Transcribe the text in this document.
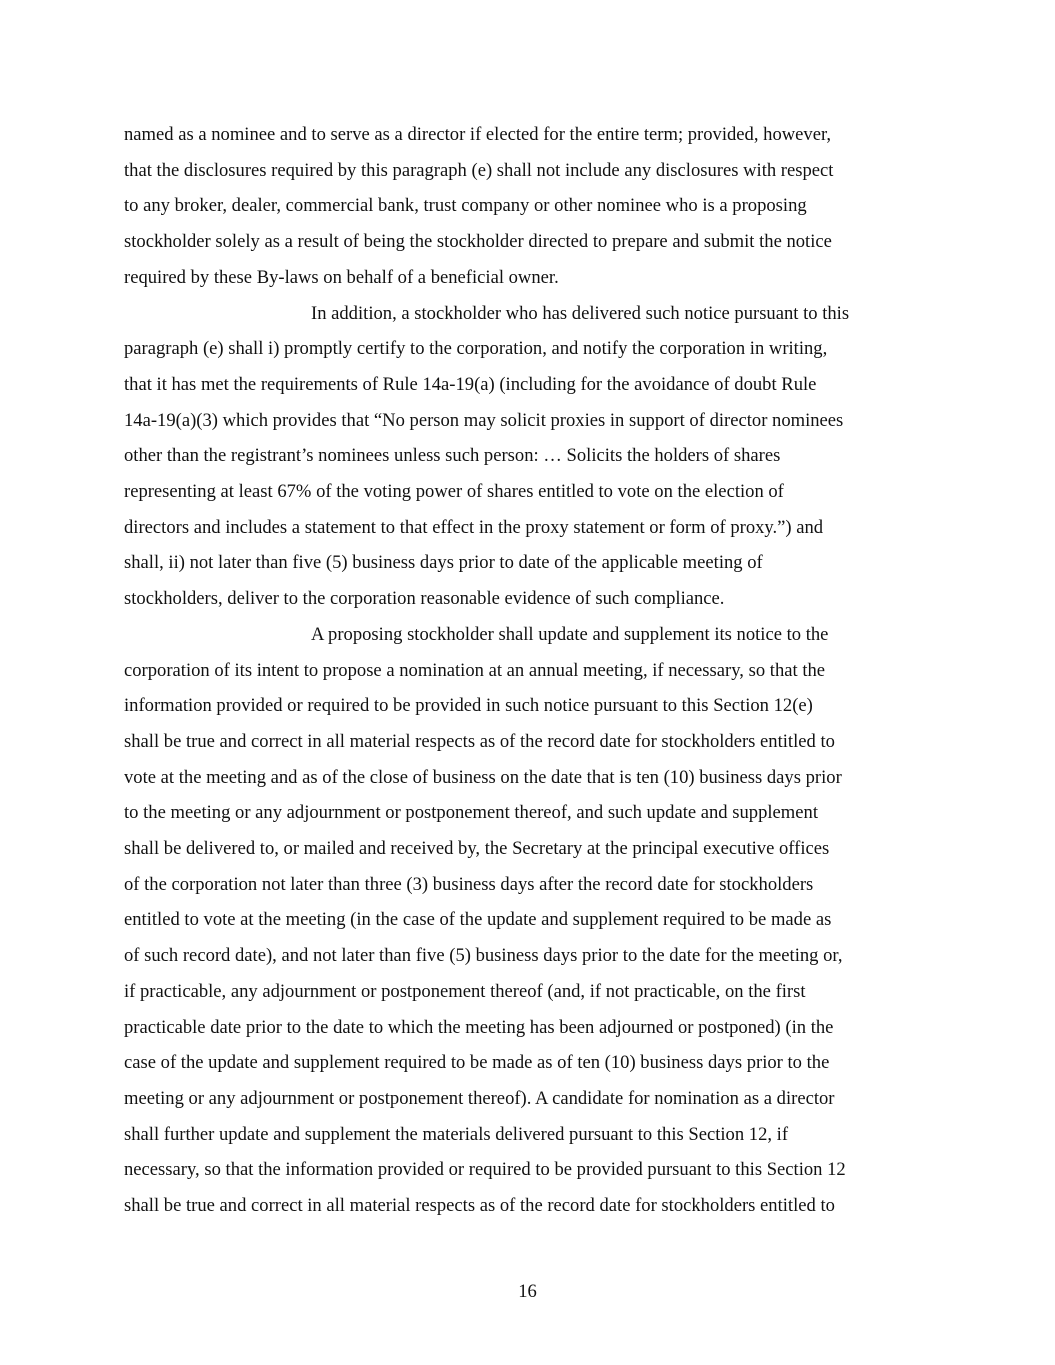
16
named as a nominee and to serve as a director if elected for the entire term; provided, however,
that the disclosures required by this paragraph (e) shall not include any disclosures with respect
to any broker, dealer, commercial bank, trust company or other nominee who is a proposing
stockholder solely as a result of being the stockholder directed to prepare and submit the notice
required by these By-laws on behalf of a beneficial owner.
In addition, a stockholder who has delivered such notice pursuant to this
paragraph (e) shall i) promptly certify to the corporation, and notify the corporation in writing,
that it has met the requirements of Rule 14a-19(a) (including for the avoidance of doubt Rule
14a-19(a)(3) which provides that “No person may solicit proxies in support of director nominees
other than the registrant’s nominees unless such person: … Solicits the holders of shares
representing at least 67% of the voting power of shares entitled to vote on the election of
directors and includes a statement to that effect in the proxy statement or form of proxy.”) and
shall, ii) not later than five (5) business days prior to date of the applicable meeting of
stockholders, deliver to the corporation reasonable evidence of such compliance.
A proposing stockholder shall update and supplement its notice to the
corporation of its intent to propose a nomination at an annual meeting, if necessary, so that the
information provided or required to be provided in such notice pursuant to this Section 12(e)
shall be true and correct in all material respects as of the record date for stockholders entitled to
vote at the meeting and as of the close of business on the date that is ten (10) business days prior
to the meeting or any adjournment or postponement thereof, and such update and supplement
shall be delivered to, or mailed and received by, the Secretary at the principal executive offices
of the corporation not later than three (3) business days after the record date for stockholders
entitled to vote at the meeting (in the case of the update and supplement required to be made as
of such record date), and not later than five (5) business days prior to the date for the meeting or,
if practicable, any adjournment or postponement thereof (and, if not practicable, on the first
practicable date prior to the date to which the meeting has been adjourned or postponed) (in the
case of the update and supplement required to be made as of ten (10) business days prior to the
meeting or any adjournment or postponement thereof). A candidate for nomination as a director
shall further update and supplement the materials delivered pursuant to this Section 12, if
necessary, so that the information provided or required to be provided pursuant to this Section 12
shall be true and correct in all material respects as of the record date for stockholders entitled to
